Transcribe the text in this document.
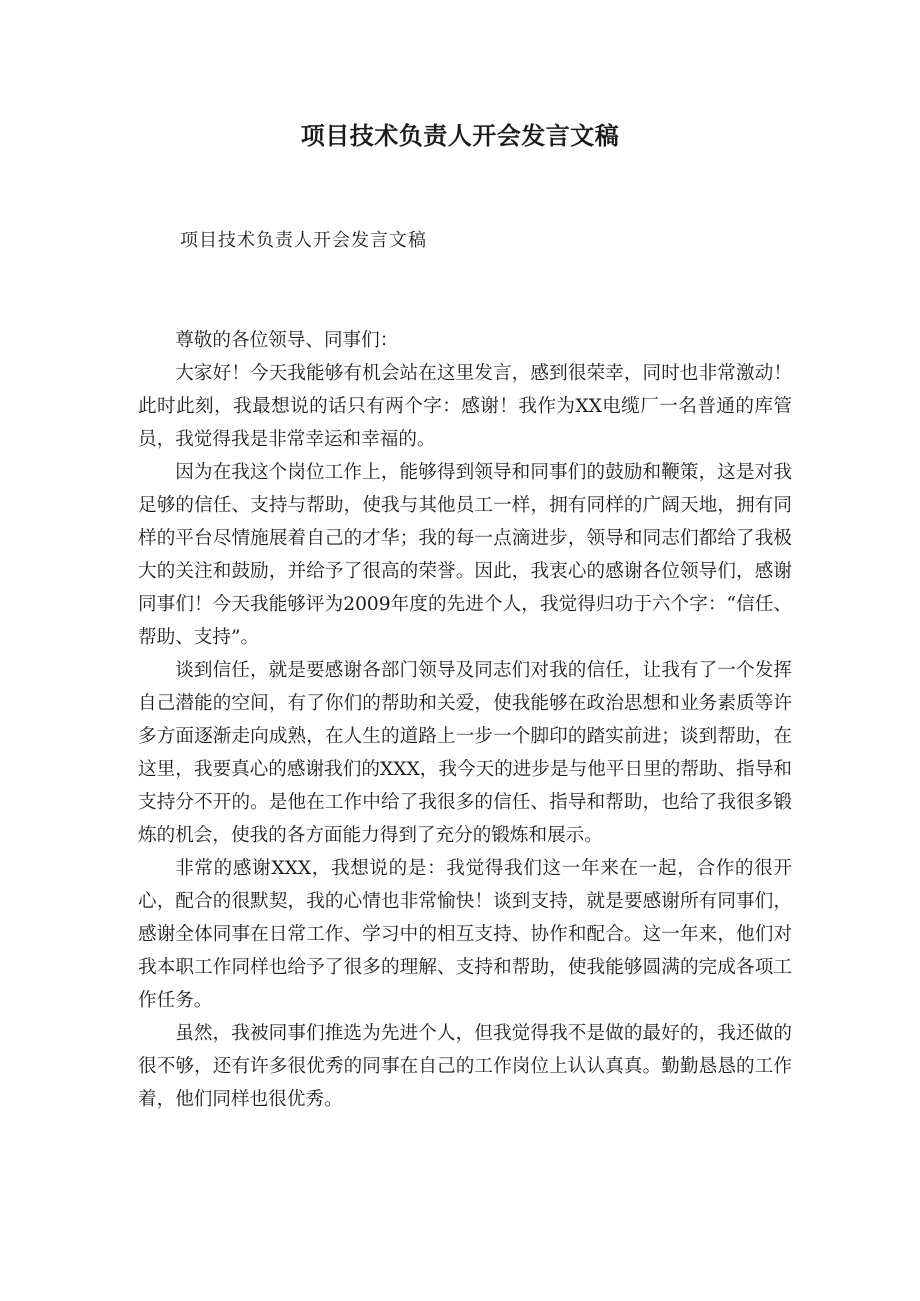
项目技术负责人开会发言文稿

项目技术负责人开会发言文稿

尊敬的各位领导、同事们：

大家好！今天我能够有机会站在这里发言，感到很荣幸，同时也非常激动！此时此刻，我最想说的话只有两个字：感谢！我作为XX电缆厂一名普通的库管员，我觉得我是非常幸运和幸福的。

因为在我这个岗位工作上，能够得到领导和同事们的鼓励和鞭策，这是对我足够的信任、支持与帮助，使我与其他员工一样，拥有同样的广阔天地，拥有同样的平台尽情施展着自己的才华；我的每一点滴进步，领导和同志们都给了我极大的关注和鼓励，并给予了很高的荣誉。因此，我衷心的感谢各位领导们，感谢同事们！今天我能够评为2009年度的先进个人，我觉得归功于六个字：“信任、帮助、支持”。

谈到信任，就是要感谢各部门领导及同志们对我的信任，让我有了一个发挥自己潜能的空间，有了你们的帮助和关爱，使我能够在政治思想和业务素质等许多方面逐渐走向成熟，在人生的道路上一步一个脚印的踏实前进；谈到帮助，在这里，我要真心的感谢我们的XXX，我今天的进步是与他平日里的帮助、指导和支持分不开的。是他在工作中给了我很多的信任、指导和帮助，也给了我很多锻炼的机会，使我的各方面能力得到了充分的锻炼和展示。

非常的感谢XXX，我想说的是：我觉得我们这一年来在一起，合作的很开心，配合的很默契，我的心情也非常愉快！谈到支持，就是要感谢所有同事们，感谢全体同事在日常工作、学习中的相互支持、协作和配合。这一年来，他们对我本职工作同样也给予了很多的理解、支持和帮助，使我能够圆满的完成各项工作任务。

虽然，我被同事们推选为先进个人，但我觉得我不是做的最好的，我还做的很不够，还有许多很优秀的同事在自己的工作岗位上认认真真。勤勤恳恳的工作着，他们同样也很优秀。
